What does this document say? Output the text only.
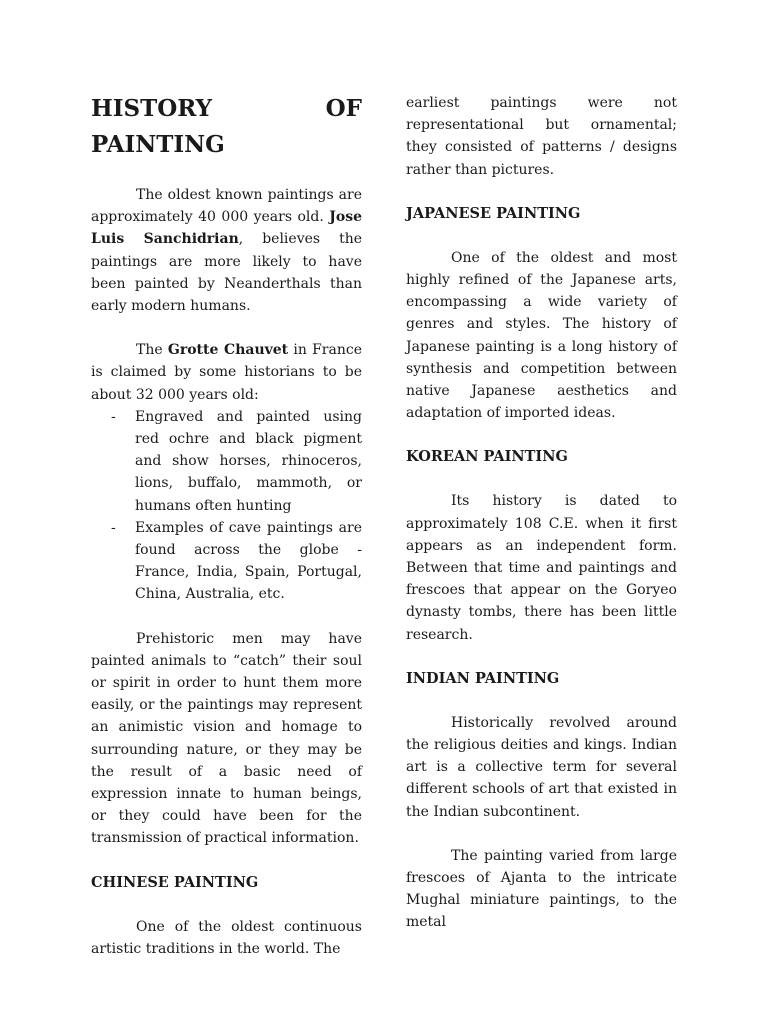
HISTORY OF
PAINTING

The oldest known paintings are approximately 40 000 years old. Jose Luis Sanchidrian, believes the paintings are more likely to have been painted by Neanderthals than early modern humans.

The Grotte Chauvet in France is claimed by some historians to be about 32 000 years old:

- Engraved and painted using red ochre and black pigment and show horses, rhinoceros, lions, buffalo, mammoth, or humans often hunting
- Examples of cave paintings are found across the globe - France, India, Spain, Portugal, China, Australia, etc.

Prehistoric men may have painted animals to “catch” their soul or spirit in order to hunt them more easily, or the paintings may represent an animistic vision and homage to surrounding nature, or they may be the result of a basic need of expression innate to human beings, or they could have been for the transmission of practical information.

CHINESE PAINTING

One of the oldest continuous artistic traditions in the world. The

earliest paintings were not representational but ornamental; they consisted of patterns / designs rather than pictures.

JAPANESE PAINTING

One of the oldest and most highly refined of the Japanese arts, encompassing a wide variety of genres and styles. The history of Japanese painting is a long history of synthesis and competition between native Japanese aesthetics and adaptation of imported ideas.

KOREAN PAINTING

Its history is dated to approximately 108 C.E. when it first appears as an independent form. Between that time and paintings and frescoes that appear on the Goryeo dynasty tombs, there has been little research.

INDIAN PAINTING

Historically revolved around the religious deities and kings. Indian art is a collective term for several different schools of art that existed in the Indian subcontinent.

The painting varied from large frescoes of Ajanta to the intricate Mughal miniature paintings, to the metal
